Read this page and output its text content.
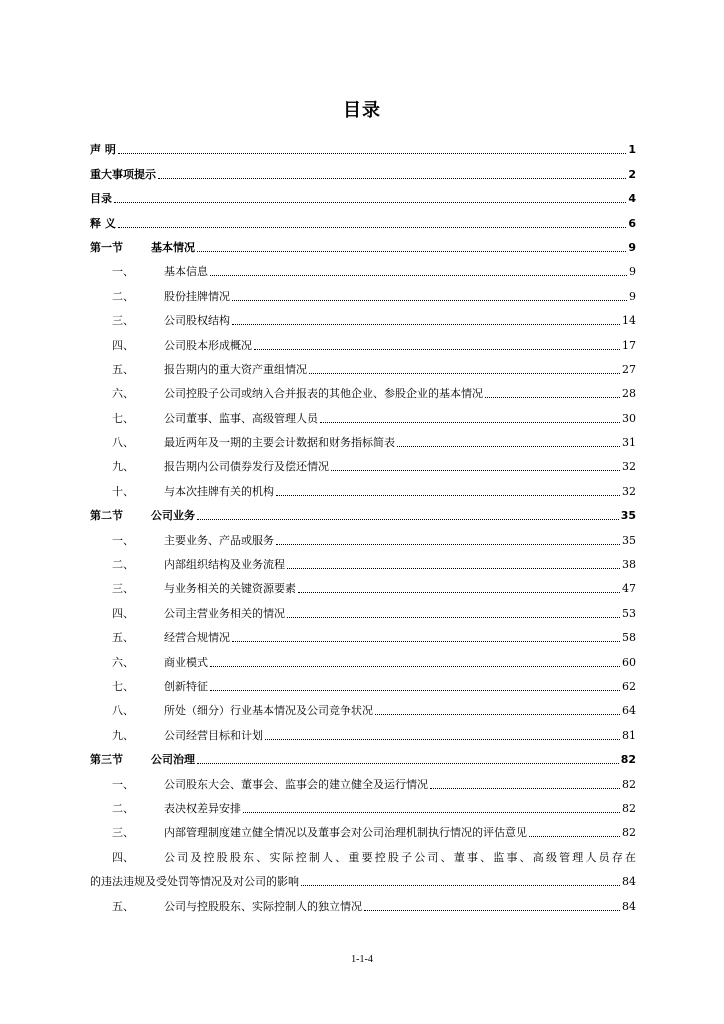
目录
声 明	1
重大事项提示	2
目录	4
释 义	6
第一节	基本情况	9
一、	基本信息	9
二、	股份挂牌情况	9
三、	公司股权结构	14
四、	公司股本形成概况	17
五、	报告期内的重大资产重组情况	27
六、	公司控股子公司或纳入合并报表的其他企业、参股企业的基本情况	28
七、	公司董事、监事、高级管理人员	30
八、	最近两年及一期的主要会计数据和财务指标简表	31
九、	报告期内公司债券发行及偿还情况	32
十、	与本次挂牌有关的机构	32
第二节	公司业务	35
一、	主要业务、产品或服务	35
二、	内部组织结构及业务流程	38
三、	与业务相关的关键资源要素	47
四、	公司主营业务相关的情况	53
五、	经营合规情况	58
六、	商业模式	60
七、	创新特征	62
八、	所处（细分）行业基本情况及公司竞争状况	64
九、	公司经营目标和计划	81
第三节	公司治理	82
一、	公司股东大会、董事会、监事会的建立健全及运行情况	82
二、	表决权差异安排	82
三、	内部管理制度建立健全情况以及董事会对公司治理机制执行情况的评估意见	82
四、	公司及控股股东、实际控制人、重要控股子公司、董事、监事、高级管理人员存在
的违法违规及受处罚等情况及对公司的影响	84
五、	公司与控股股东、实际控制人的独立情况	84
1-1-4
